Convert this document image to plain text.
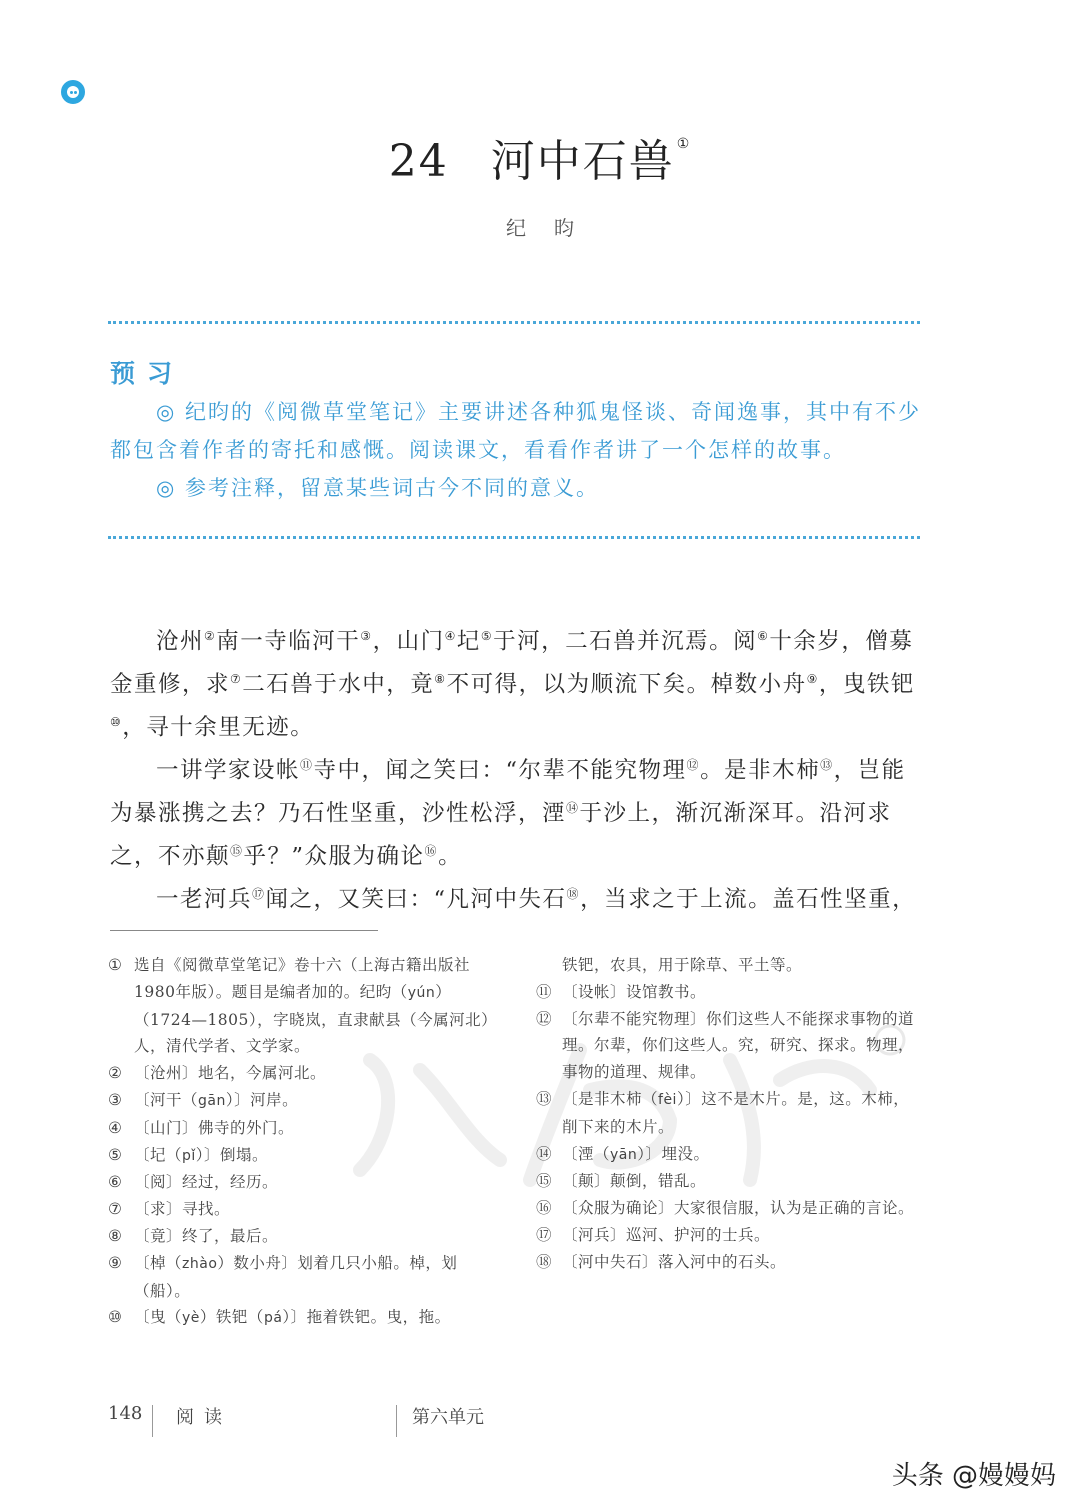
24 河中石兽 ①
纪昀
预习

◎ 纪昀的《阅微草堂笔记》主要讲述各种狐鬼怪谈、奇闻逸事，其中有不少都包含着作者的寄托和感慨。阅读课文，看看作者讲了一个怎样的故事。

◎ 参考注释，留意某些词古今不同的意义。

沧州②南一寺临河干③，山门④圮⑤于河，二石兽并沉焉。阅⑥十余岁，僧募金重修，求⑦二石兽于水中，竟⑧不可得，以为顺流下矣。棹数小舟⑨，曳铁钯⑩，寻十余里无迹。

一讲学家设帐⑪寺中，闻之笑曰：“尔辈不能究物理⑫。是非木柿⑬，岂能为暴涨携之去？乃石性坚重，沙性松浮，湮⑭于沙上，渐沉渐深耳。沿河求之，不亦颠⑮乎？”众服为确论⑯。

一老河兵⑰闻之，又笑曰：“凡河中失石⑱，当求之于上流。盖石性坚重，

① 选自《阅微草堂笔记》卷十六（上海古籍出版社1980年版）。题目是编者加的。纪昀（yún）（1724—1805），字晓岚，直隶献县（今属河北）人，清代学者、文学家。
② 〔沧州〕地名，今属河北。
③ 〔河干（gān）〕河岸。
④ 〔山门〕佛寺的外门。
⑤ 〔圮（pǐ）〕倒塌。
⑥ 〔阅〕经过，经历。
⑦ 〔求〕寻找。
⑧ 〔竟〕终了，最后。
⑨ 〔棹（zhào）数小舟〕划着几只小船。棹，划（船）。
⑩ 〔曳（yè）铁钯（pá）〕拖着铁钯。曳，拖。
铁钯，农具，用于除草、平土等。
⑪ 〔设帐〕设馆教书。
⑫ 〔尔辈不能究物理〕你们这些人不能探求事物的道理。尔辈，你们这些人。究，研究、探求。物理，事物的道理、规律。
⑬ 〔是非木柿（fèi）〕这不是木片。是，这。木柿，削下来的木片。
⑭ 〔湮（yān）〕埋没。
⑮ 〔颠〕颠倒，错乱。
⑯ 〔众服为确论〕大家很信服，认为是正确的言论。
⑰ 〔河兵〕巡河、护河的士兵。
⑱ 〔河中失石〕落入河中的石头。
148 阅读	第六单元
头条 @嫚嫚妈
